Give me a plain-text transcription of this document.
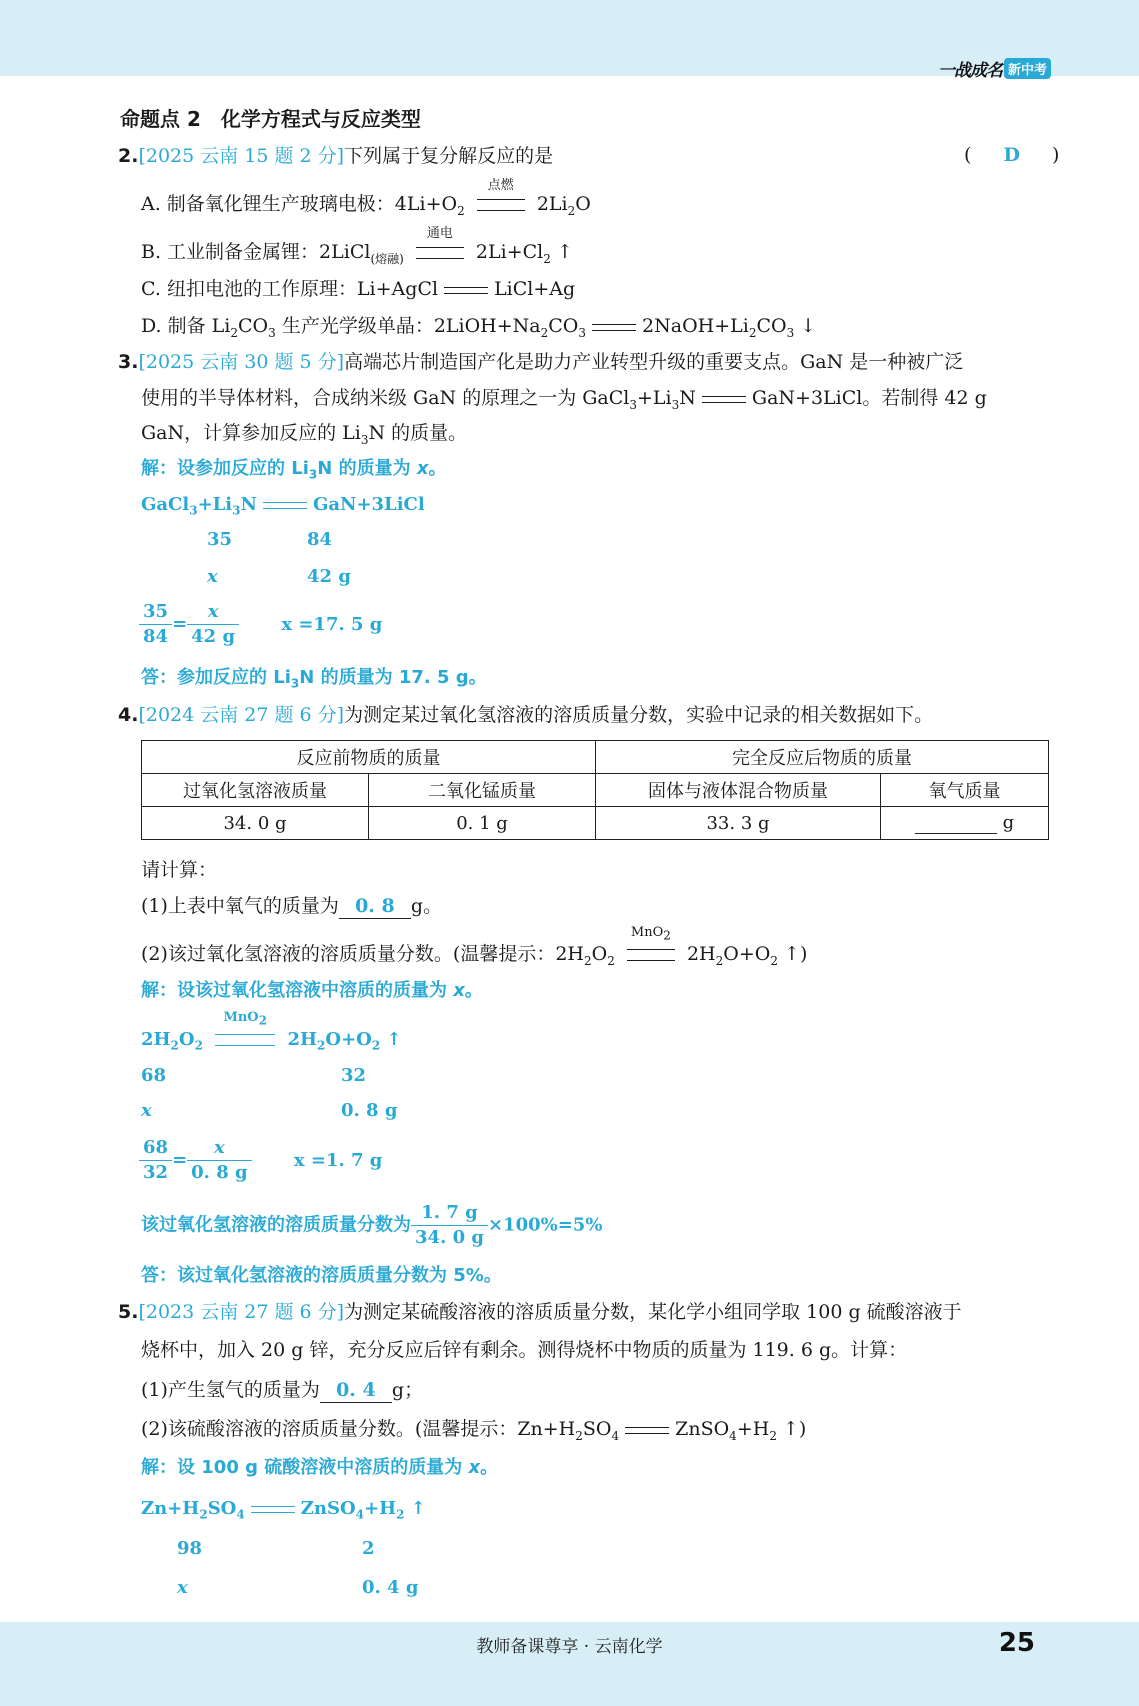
一战成名 新中考
命题点 2　化学方程式与反应类型
2.[2025 云南 15 题 2 分]下列属于复分解反应的是	( D )
A. 制备氧化锂生产玻璃电极：$4Li+O_2$
点燃
$2Li_2O$
B. 工业制备金属锂：2LiCl$_{(熔融)}$
通电
$2Li+Cl_2$ ↑
C. 纽扣电池的工作原理：Li+AgCl	LiCl+Ag
D. 制备 $Li_2CO_3$ 生产光学级单晶：$2LiOH+Na_2CO_3$	$2NaOH+Li_2CO_3$ ↓
3.[2025 云南 30 题 5 分]高端芯片制造国产化是助力产业转型升级的重要支点。GaN 是一种被广泛
使用的半导体材料，合成纳米级 GaN 的原理之一为 $GaCl_3+Li_3N$	GaN+3LiCl。若制得 42 g
GaN，计算参加反应的 $Li_3N$ 的质量。
解：设参加反应的 $Li_3N$ 的质量为 x。
$GaCl_3+Li_3N$	GaN+3LiCl
35	84
x	42 g
$\frac{35}{84} = \frac{x}{42 g}$ x =17. 5 g
答：参加反应的 $Li_3N$ 的质量为 17. 5 g。
4.[2024 云南 27 题 6 分]为测定某过氧化氢溶液的溶质质量分数，实验中记录的相关数据如下。
反应前物质的质量		完全反应后物质的质量	
过氧化氢溶液质量	二氧化锰质量	固体与液体混合物质量	氧气质量
34. 0 g	0. 1 g	33. 3 g	g
请计算：
(1)上表中氧气的质量为 0. 8 g。
(2)该过氧化氢溶液的溶质质量分数。(温馨提示：$2H_2O_2$
MnO$_2$
$2H_2O+O_2$ ↑)
解：设该过氧化氢溶液中溶质的质量为 x。
$2H_2O_2$
MnO$_2$
$2H_2O+O_2$ ↑
68	32
x	0. 8 g
$\frac{68}{32} = \frac{x}{0. 8 g}$ x =1. 7 g
该过氧化氢溶液的溶质质量分数为 $\frac{1. 7 g}{34. 0 g} \times 100\%=5\%$
答：该过氧化氢溶液的溶质质量分数为 5%。
5.[2023 云南 27 题 6 分]为测定某硫酸溶液的溶质质量分数，某化学小组同学取 100 g 硫酸溶液于
烧杯中，加入 20 g 锌，充分反应后锌有剩余。测得烧杯中物质的质量为 119. 6 g。计算：
(1)产生氢气的质量为 0. 4 g；
(2)该硫酸溶液的溶质质量分数。(温馨提示：$Zn+H_2SO_4$	$ZnSO_4+H_2$ ↑)
解：设 100 g 硫酸溶液中溶质的质量为 x。
$Zn+H_2SO_4$	$ZnSO_4+H_2$ ↑
98	2
x	0. 4 g
教师备课尊享 · 云南化学	25
